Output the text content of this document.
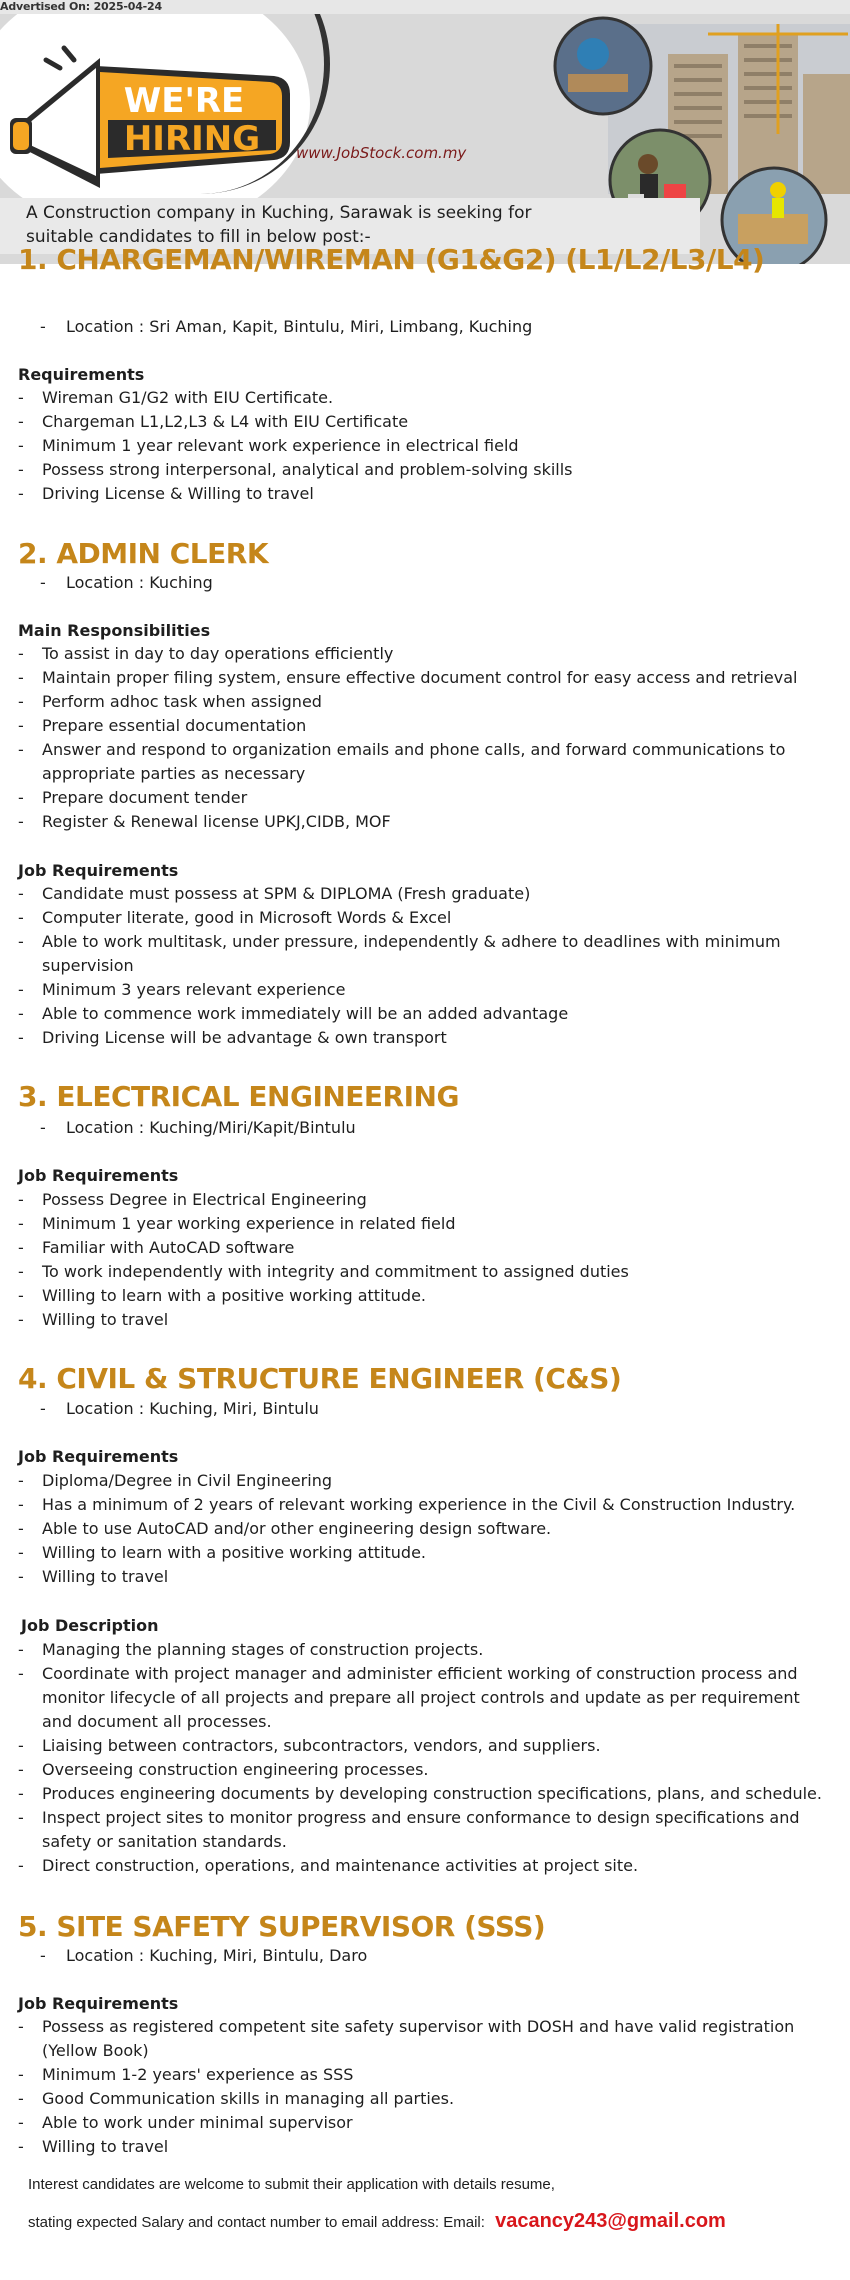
Advertised On: 2025-04-24
WE'RE
HIRING www.JobStock.com.my
A Construction company in Kuching, Sarawak is seeking for suitable candidates to fill in below post:-
1. CHARGEMAN/WIREMAN (G1&G2) (L1/L2/L3/L4)
- Location : Sri Aman, Kapit, Bintulu, Miri, Limbang, Kuching
Requirements
- Wireman G1/G2 with EIU Certificate.
- Chargeman L1,L2,L3 & L4 with EIU Certificate
- Minimum 1 year relevant work experience in electrical field
- Possess strong interpersonal, analytical and problem-solving skills
- Driving License & Willing to travel
2. ADMIN CLERK
- Location : Kuching
Main Responsibilities
- To assist in day to day operations efficiently
- Maintain proper filing system, ensure effective document control for easy access and retrieval
- Perform adhoc task when assigned
- Prepare essential documentation
- Answer and respond to organization emails and phone calls, and forward communications to appropriate parties as necessary
- Prepare document tender
- Register & Renewal license UPKJ,CIDB, MOF
Job Requirements
- Candidate must possess at SPM & DIPLOMA (Fresh graduate)
- Computer literate, good in Microsoft Words & Excel
- Able to work multitask, under pressure, independently & adhere to deadlines with minimum supervision
- Minimum 3 years relevant experience
- Able to commence work immediately will be an added advantage
- Driving License will be advantage & own transport
3. ELECTRICAL ENGINEERING
- Location : Kuching/Miri/Kapit/Bintulu
Job Requirements
- Possess Degree in Electrical Engineering
- Minimum 1 year working experience in related field
- Familiar with AutoCAD software
- To work independently with integrity and commitment to assigned duties
- Willing to learn with a positive working attitude.
- Willing to travel
4. CIVIL & STRUCTURE ENGINEER (C&S)
- Location : Kuching, Miri, Bintulu
Job Requirements
- Diploma/Degree in Civil Engineering
- Has a minimum of 2 years of relevant working experience in the Civil & Construction Industry.
- Able to use AutoCAD and/or other engineering design software.
- Willing to learn with a positive working attitude.
- Willing to travel
Job Description
- Managing the planning stages of construction projects.
- Coordinate with project manager and administer efficient working of construction process and monitor lifecycle of all projects and prepare all project controls and update as per requirement and document all processes.
- Liaising between contractors, subcontractors, vendors, and suppliers.
- Overseeing construction engineering processes.
- Produces engineering documents by developing construction specifications, plans, and schedule.
- Inspect project sites to monitor progress and ensure conformance to design specifications and safety or sanitation standards.
- Direct construction, operations, and maintenance activities at project site.
5. SITE SAFETY SUPERVISOR (SSS)
- Location : Kuching, Miri, Bintulu, Daro
Job Requirements
- Possess as registered competent site safety supervisor with DOSH and have valid registration (Yellow Book)
- Minimum 1-2 years' experience as SSS
- Good Communication skills in managing all parties.
- Able to work under minimal supervisor
- Willing to travel
Interest candidates are welcome to submit their application with details resume,
stating expected Salary and contact number to email address: Email: vacancy243@gmail.com
